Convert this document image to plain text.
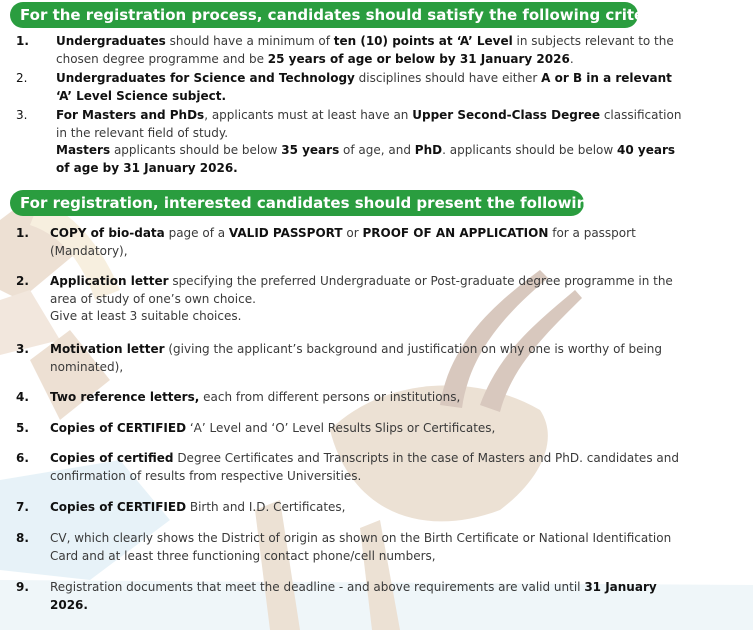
For the registration process, candidates should satisfy the following criteria:
For registration, interested candidates should present the following: -
1. Undergraduates should have a minimum of ten (10) points at ‘A’ Level in subjects relevant to the chosen degree programme and be 25 years of age or below by 31 January 2026.
2. Undergraduates for Science and Technology disciplines should have either A or B in a relevant ‘A’ Level Science subject.
3. For Masters and PhDs, applicants must at least have an Upper Second-Class Degree classification in the relevant field of study.
Masters applicants should be below 35 years of age, and PhD. applicants should be below 40 years of age by 31 January 2026.
1. COPY of bio-data page of a VALID PASSPORT or PROOF OF AN APPLICATION for a passport (Mandatory),
2. Application letter specifying the preferred Undergraduate or Post-graduate degree programme in the area of study of one’s own choice.
Give at least 3 suitable choices.
3. Motivation letter (giving the applicant’s background and justification on why one is worthy of being nominated),
4. Two reference letters, each from different persons or institutions,
5. Copies of CERTIFIED ‘A’ Level and ‘O’ Level Results Slips or Certificates,
6. Copies of certified Degree Certificates and Transcripts in the case of Masters and PhD. candidates and confirmation of results from respective Universities.
7. Copies of CERTIFIED Birth and I.D. Certificates,
8. CV, which clearly shows the District of origin as shown on the Birth Certificate or National Identification Card and at least three functioning contact phone/cell numbers,
9. Registration documents that meet the deadline - and above requirements are valid until 31 January 2026.
